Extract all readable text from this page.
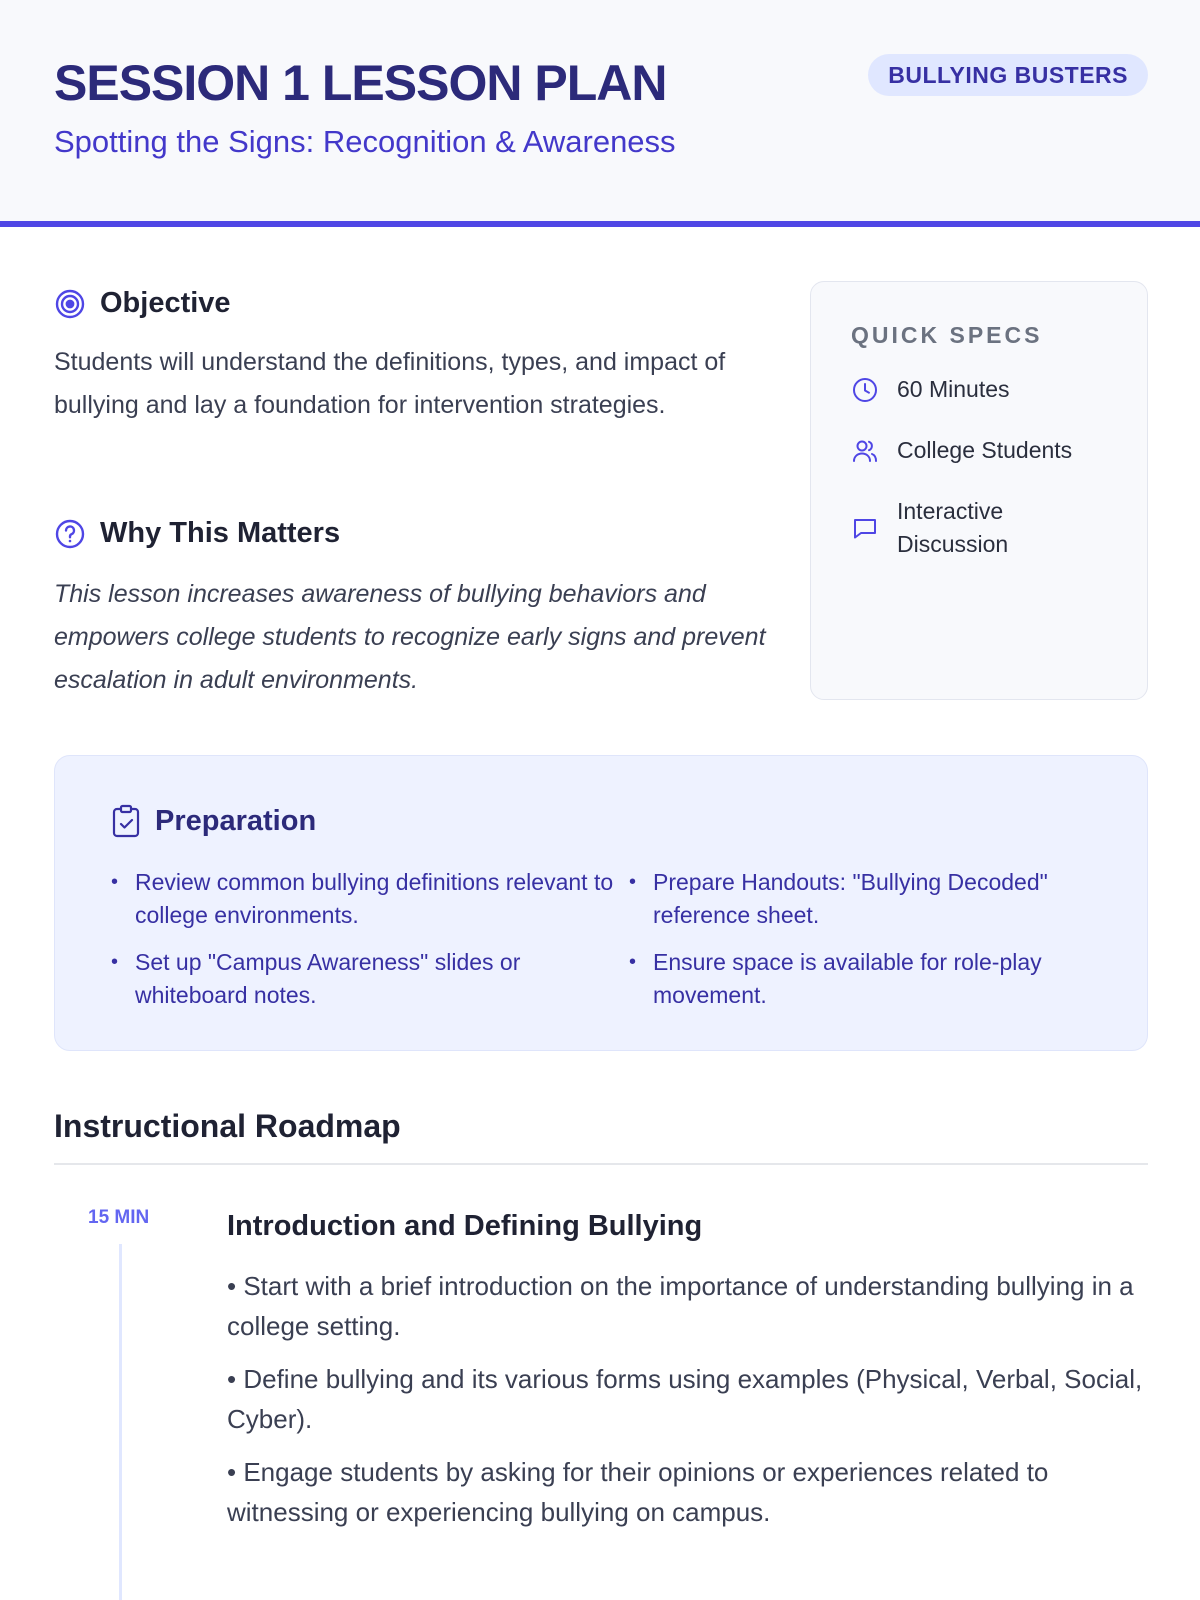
SESSION 1 LESSON PLAN
Spotting the Signs: Recognition & Awareness
BULLYING BUSTERS
Objective
Students will understand the definitions, types, and impact of bullying and lay a foundation for intervention strategies.
Why This Matters
This lesson increases awareness of bullying behaviors and empowers college students to recognize early signs and prevent escalation in adult environments.
QUICK SPECS
60 Minutes
College Students
Interactive Discussion
Preparation
• Review common bullying definitions relevant to college environments.
• Prepare Handouts: "Bullying Decoded" reference sheet.
• Set up "Campus Awareness" slides or whiteboard notes.
• Ensure space is available for role-play movement.
Instructional Roadmap
15 MIN	Introduction and Defining Bullying
• Start with a brief introduction on the importance of understanding bullying in a college setting.
• Define bullying and its various forms using examples (Physical, Verbal, Social, Cyber).
• Engage students by asking for their opinions or experiences related to witnessing or experiencing bullying on campus.
